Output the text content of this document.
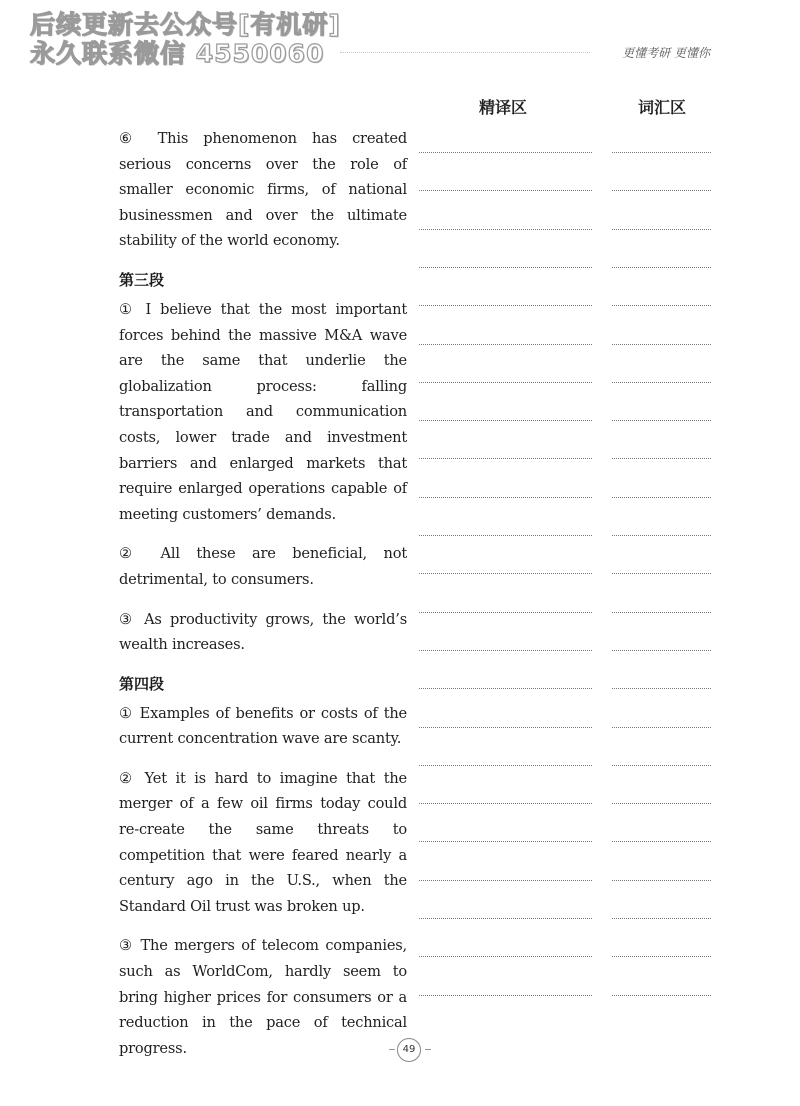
后续更新去公众号[有机研]
永久联系微信 4550060	更懂考研 更懂你
精译区	词汇区

⑥ This phenomenon has created serious concerns over the role of smaller economic firms, of national businessmen and over the ultimate stability of the world economy.

第三段

① I believe that the most important forces behind the massive M&A wave are the same that underlie the globalization process: falling transportation and communication costs, lower trade and investment barriers and enlarged markets that require enlarged operations capable of meeting customers’ demands.

② All these are beneficial, not detrimental, to consumers.

③ As productivity grows, the world’s wealth increases.

第四段

① Examples of benefits or costs of the current concentration wave are scanty.

② Yet it is hard to imagine that the merger of a few oil firms today could re-create the same threats to competition that were feared nearly a century ago in the U.S., when the Standard Oil trust was broken up.

③ The mergers of telecom companies, such as WorldCom, hardly seem to bring higher prices for consumers or a reduction in the pace of technical progress.	49
